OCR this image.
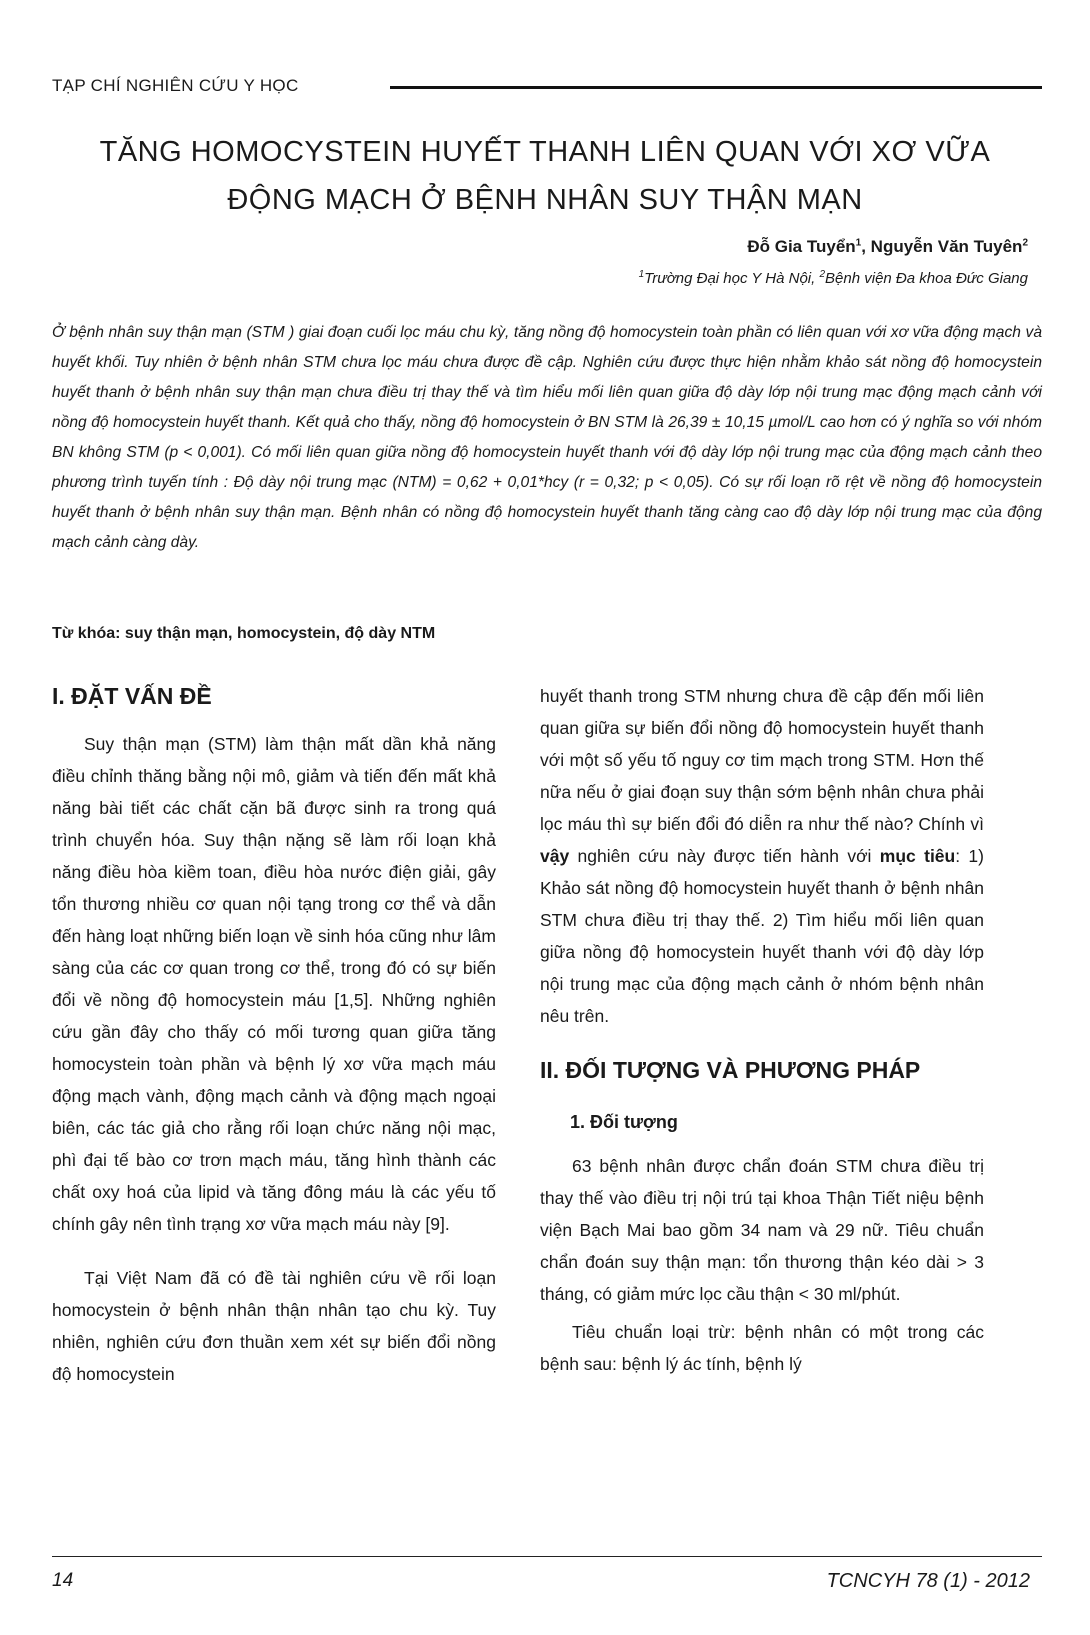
TẠP CHÍ NGHIÊN CỨU Y HỌC
TĂNG HOMOCYSTEIN HUYẾT THANH LIÊN QUAN VỚI XƠ VỮA
ĐỘNG MẠCH Ở BỆNH NHÂN SUY THẬN MẠN
Đỗ Gia Tuyển$^1$, Nguyễn Văn Tuyên$^2$
$^1$Trường Đại học Y Hà Nội, $^2$Bệnh viện Đa khoa Đức Giang

Ở bệnh nhân suy thận mạn (STM ) giai đoạn cuối lọc máu chu kỳ, tăng nồng độ homocystein toàn phần có liên quan với xơ vữa động mạch và huyết khối. Tuy nhiên ở bệnh nhân STM chưa lọc máu chưa được đề cập. Nghiên cứu được thực hiện nhằm khảo sát nồng độ homocystein huyết thanh ở bệnh nhân suy thận mạn chưa điều trị thay thế và tìm hiểu mối liên quan giữa độ dày lớp nội trung mạc động mạch cảnh với nồng độ homocystein huyết thanh. Kết quả cho thấy, nồng độ homocystein ở BN STM là 26,39 ± 10,15 µmol/L cao hơn có ý nghĩa so với nhóm BN không STM (p < 0,001). Có mối liên quan giữa nồng độ homocystein huyết thanh với độ dày lớp nội trung mạc của động mạch cảnh theo phương trình tuyến tính : Độ dày nội trung mạc (NTM) = 0,62 + 0,01*hcy (r = 0,32; p < 0,05). Có sự rối loạn rõ rệt về nồng độ homocystein huyết thanh ở bệnh nhân suy thận mạn. Bệnh nhân có nồng độ homocystein huyết thanh tăng càng cao độ dày lớp nội trung mạc của động mạch cảnh càng dày.

Từ khóa: suy thận mạn, homocystein, độ dày NTM
I. ĐẶT VẤN ĐỀ

Suy thận mạn (STM) làm thận mất dần khả năng điều chỉnh thăng bằng nội mô, giảm và tiến đến mất khả năng bài tiết các chất cặn bã được sinh ra trong quá trình chuyển hóa. Suy thận nặng sẽ làm rối loạn khả năng điều hòa kiềm toan, điều hòa nước điện giải, gây tổn thương nhiều cơ quan nội tạng trong cơ thể và dẫn đến hàng loạt những biến loạn về sinh hóa cũng như lâm sàng của các cơ quan trong cơ thể, trong đó có sự biến đổi về nồng độ homocystein máu [1,5]. Những nghiên cứu gần đây cho thấy có mối tương quan giữa tăng homocystein toàn phần và bệnh lý xơ vữa mạch máu động mạch vành, động mạch cảnh và động mạch ngoại biên, các tác giả cho rằng rối loạn chức năng nội mạc, phì đại tế bào cơ trơn mạch máu, tăng hình thành các chất oxy hoá của lipid và tăng đông máu là các yếu tố chính gây nên tình trạng xơ vữa mạch máu này [9].

Tại Việt Nam đã có đề tài nghiên cứu về rối loạn homocystein ở bệnh nhân thận nhân tạo chu kỳ. Tuy nhiên, nghiên cứu đơn thuần xem xét sự biến đổi nồng độ homocystein

huyết thanh trong STM nhưng chưa đề cập đến mối liên quan giữa sự biến đổi nồng độ homocystein huyết thanh với một số yếu tố nguy cơ tim mạch trong STM. Hơn thế nữa nếu ở giai đoạn suy thận sớm bệnh nhân chưa phải lọc máu thì sự biến đổi đó diễn ra như thế nào? Chính vì vậy nghiên cứu này được tiến hành với mục tiêu: 1) Khảo sát nồng độ homocystein huyết thanh ở bệnh nhân STM chưa điều trị thay thế. 2) Tìm hiểu mối liên quan giữa nồng độ homocystein huyết thanh với độ dày lớp nội trung mạc của động mạch cảnh ở nhóm bệnh nhân nêu trên.

II. ĐỐI TƯỢNG VÀ PHƯƠNG PHÁP
1. Đối tượng

63 bệnh nhân được chẩn đoán STM chưa điều trị thay thế vào điều trị nội trú tại khoa Thận Tiết niệu bệnh viện Bạch Mai bao gồm 34 nam và 29 nữ. Tiêu chuẩn chẩn đoán suy thận mạn: tổn thương thận kéo dài > 3 tháng, có giảm mức lọc cầu thận < 30 ml/phút.

Tiêu chuẩn loại trừ: bệnh nhân có một trong các bệnh sau: bệnh lý ác tính, bệnh lý

14	TCNCYH 78 (1) - 2012
